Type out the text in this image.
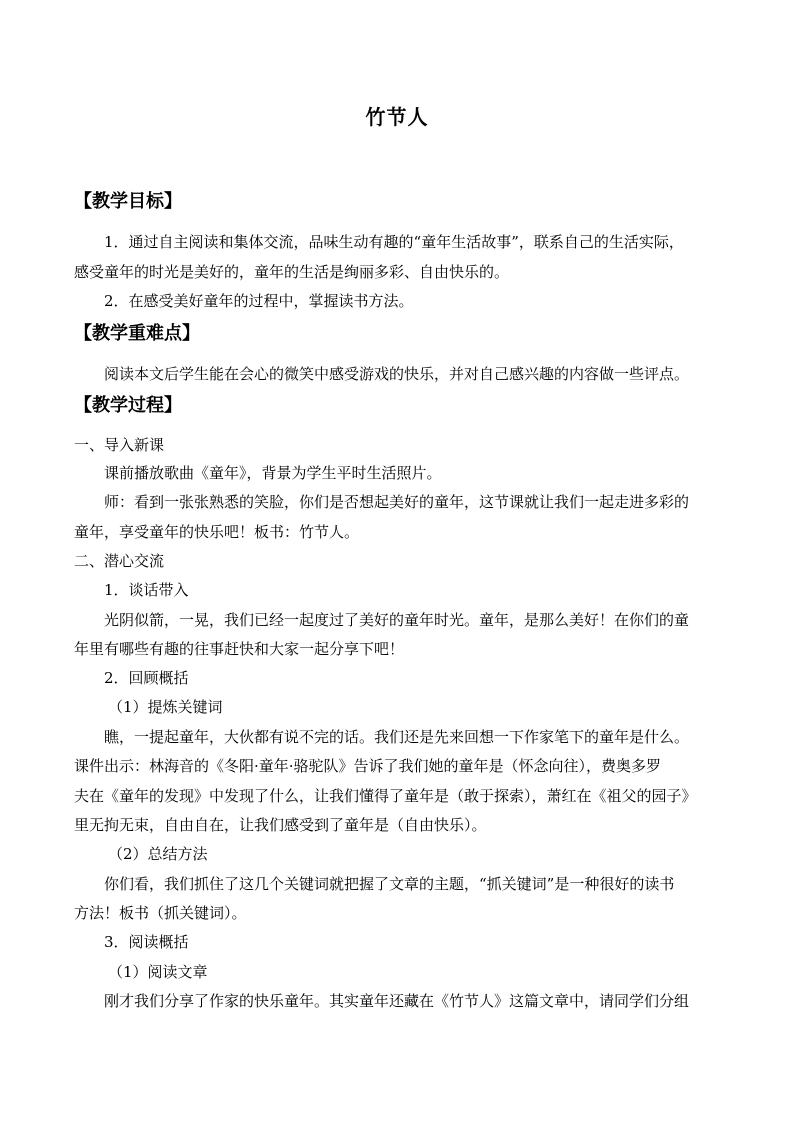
竹节人
【教学目标】
1．通过自主阅读和集体交流，品味生动有趣的“童年生活故事”，联系自己的生活实际，
感受童年的时光是美好的，童年的生活是绚丽多彩、自由快乐的。
2．在感受美好童年的过程中，掌握读书方法。
【教学重难点】
阅读本文后学生能在会心的微笑中感受游戏的快乐，并对自己感兴趣的内容做一些评点。
【教学过程】
一、导入新课
课前播放歌曲《童年》，背景为学生平时生活照片。
师：看到一张张熟悉的笑脸，你们是否想起美好的童年，这节课就让我们一起走进多彩的
童年，享受童年的快乐吧！板书：竹节人。
二、潜心交流
1．谈话带入
光阴似箭，一晃，我们已经一起度过了美好的童年时光。童年，是那么美好！在你们的童
年里有哪些有趣的往事赶快和大家一起分享下吧！
2．回顾概括
（1）提炼关键词
瞧，一提起童年，大伙都有说不完的话。我们还是先来回想一下作家笔下的童年是什么。
课件出示：林海音的《冬阳·童年·骆驼队》告诉了我们她的童年是（怀念向往），费奥多罗
夫在《童年的发现》中发现了什么，让我们懂得了童年是（敢于探索），萧红在《祖父的园子》
里无拘无束，自由自在，让我们感受到了童年是（自由快乐）。
（2）总结方法
你们看，我们抓住了这几个关键词就把握了文章的主题，“抓关键词”是一种很好的读书
方法！板书（抓关键词）。
3．阅读概括
（1）阅读文章
刚才我们分享了作家的快乐童年。其实童年还藏在《竹节人》这篇文章中，请同学们分组
